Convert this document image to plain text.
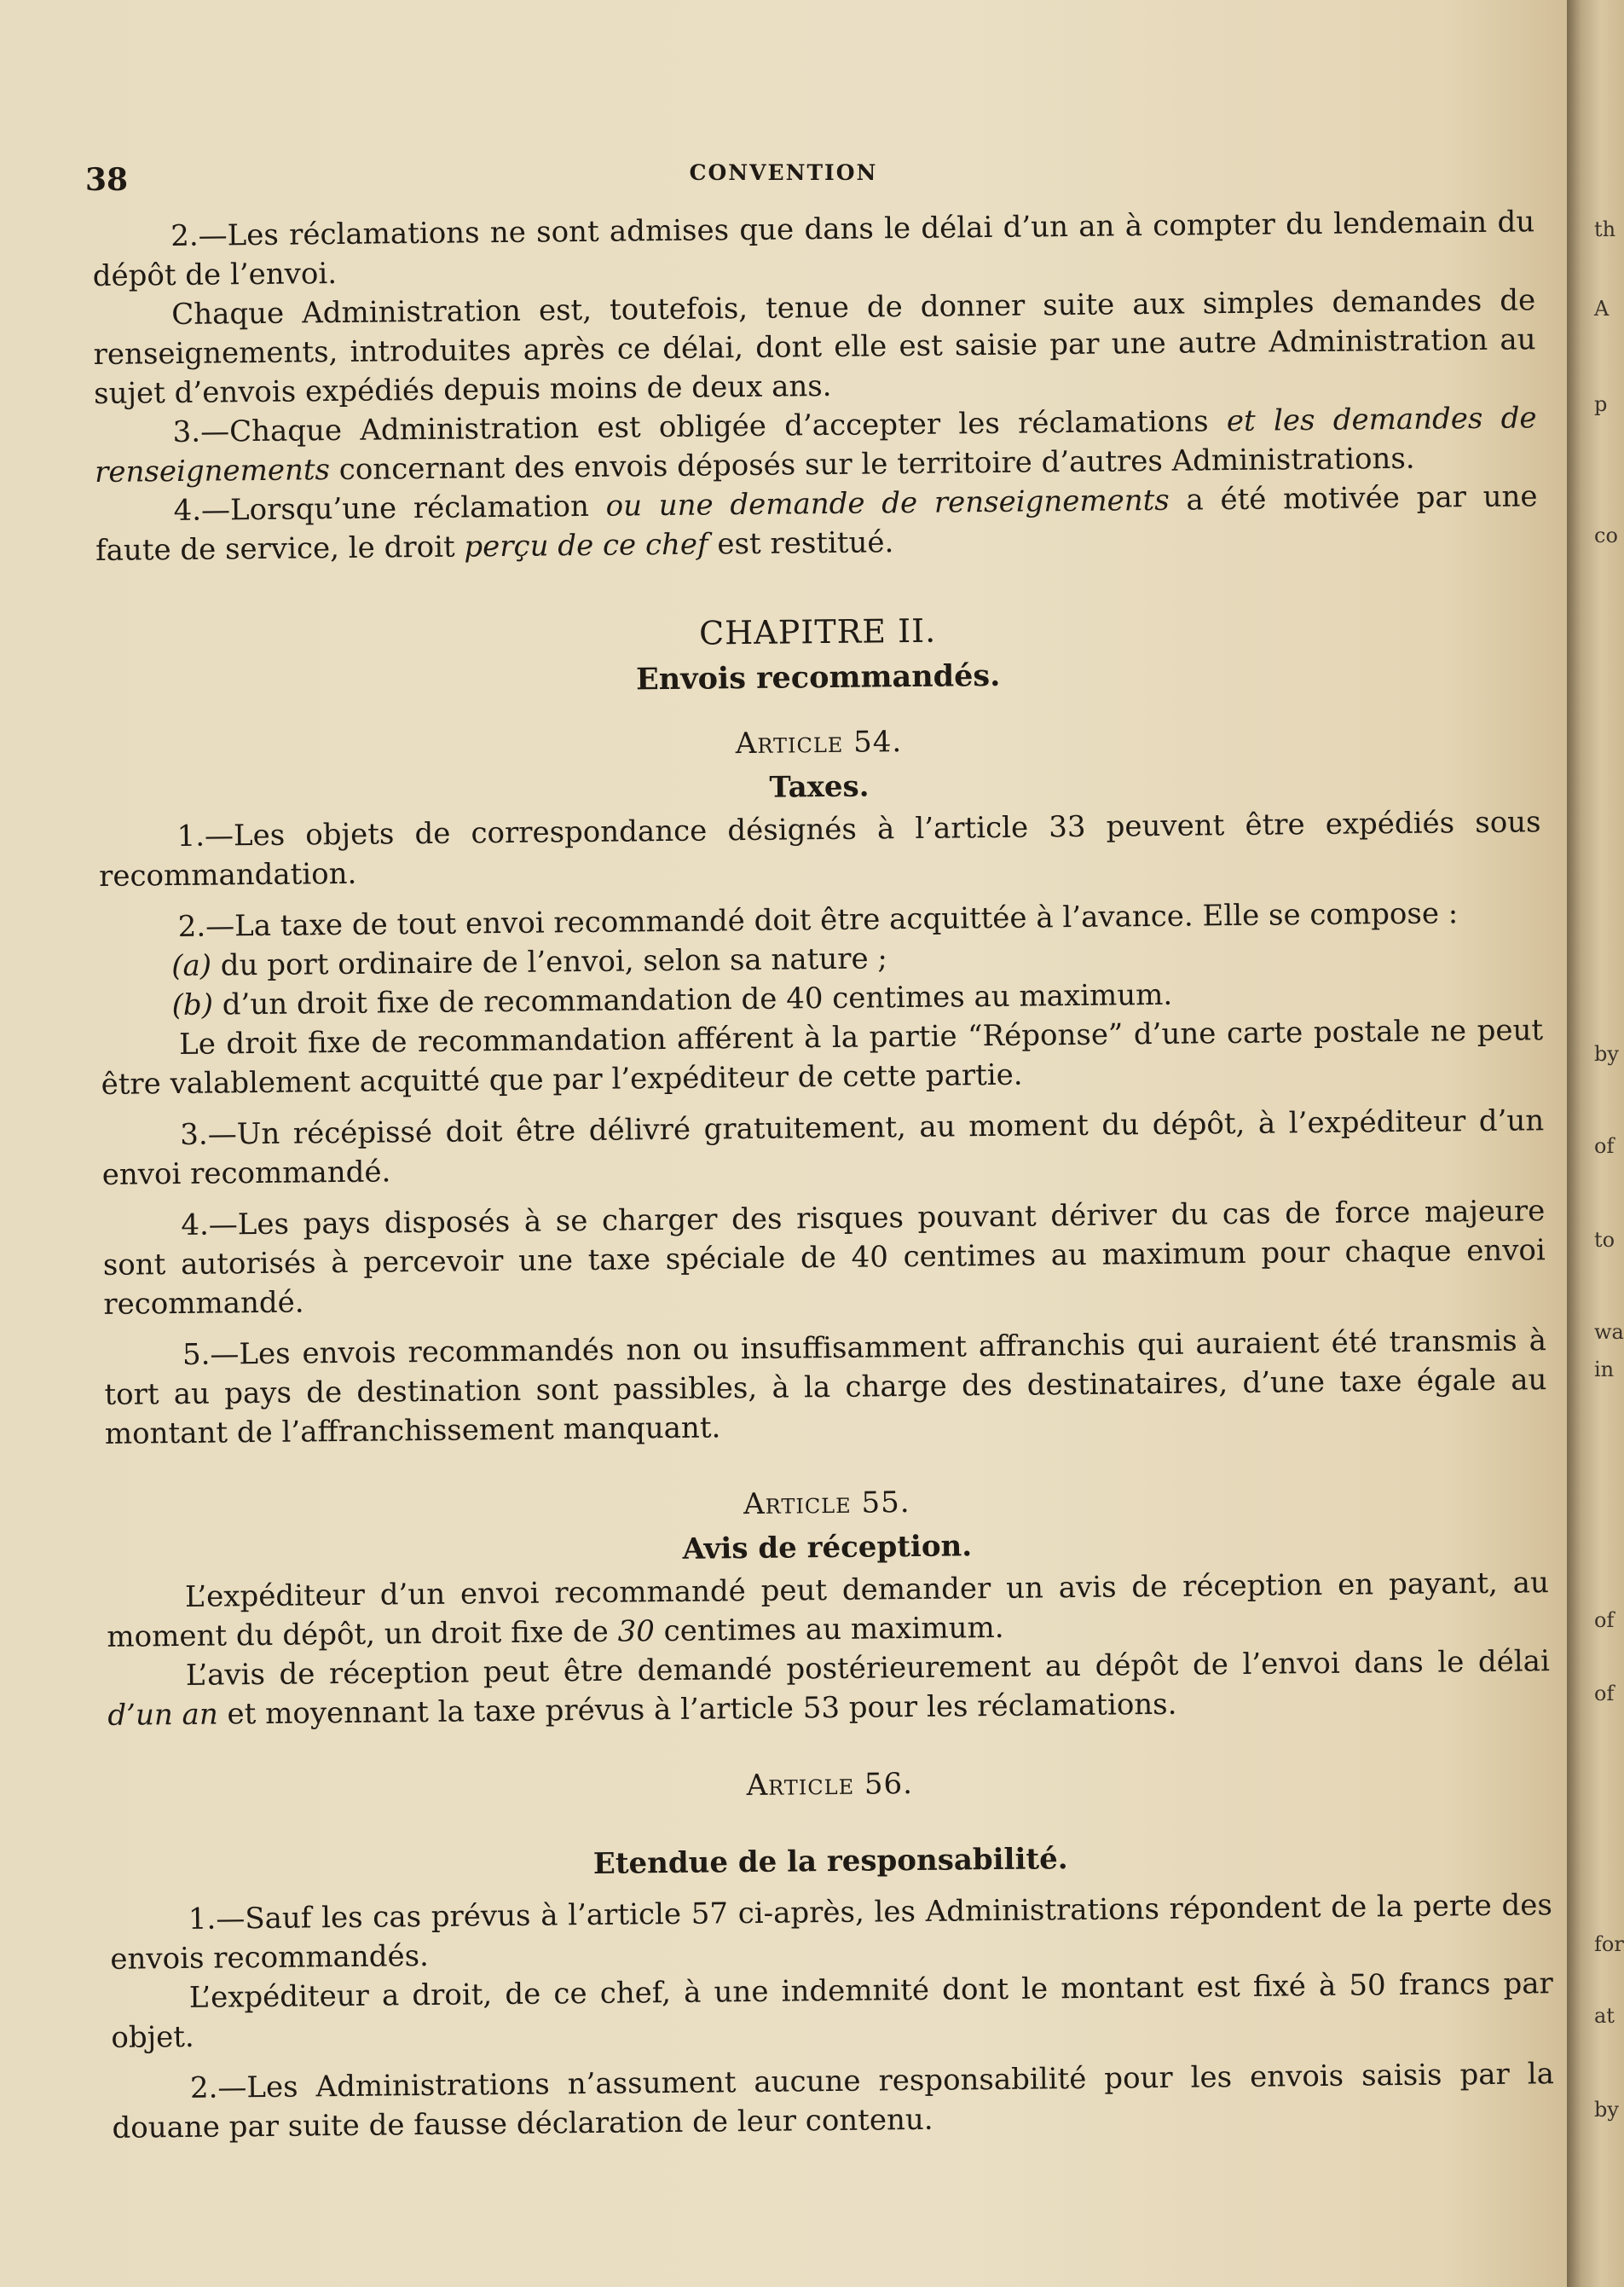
th
A
p
co
by
of
to
wa
in
of
of
for
at
by
38	CONVENTION

2.—Les réclamations ne sont admises que dans le délai d’un an à compter du lendemain du dépôt de l’envoi.

Chaque Administration est, toutefois, tenue de donner suite aux simples demandes de renseignements, introduites après ce délai, dont elle est saisie par une autre Administration au sujet d’envois expédiés depuis moins de deux ans.

3.—Chaque Administration est obligée d’accepter les réclamations et les demandes de renseignements concernant des envois déposés sur le territoire d’autres Administrations.

4.—Lorsqu’une réclamation ou une demande de renseignements a été motivée par une faute de service, le droit perçu de ce chef est restitué.

CHAPITRE II.
Envois recommandés.
Article 54.
Taxes.

1.—Les objets de correspondance désignés à l’article 33 peuvent être expédiés sous recommandation.

2.—La taxe de tout envoi recommandé doit être acquittée à l’avance. Elle se compose :

(a) du port ordinaire de l’envoi, selon sa nature ;

(b) d’un droit fixe de recommandation de 40 centimes au maximum.

Le droit fixe de recommandation afférent à la partie “Réponse” d’une carte postale ne peut être valablement acquitté que par l’expéditeur de cette partie.

3.—Un récépissé doit être délivré gratuitement, au moment du dépôt, à l’expéditeur d’un envoi recommandé.

4.—Les pays disposés à se charger des risques pouvant dériver du cas de force majeure sont autorisés à percevoir une taxe spéciale de 40 centimes au maximum pour chaque envoi recommandé.

5.—Les envois recommandés non ou insuffisamment affranchis qui auraient été transmis à tort au pays de destination sont passibles, à la charge des destinataires, d’une taxe égale au montant de l’affranchissement manquant.

Article 55.
Avis de réception.

L’expéditeur d’un envoi recommandé peut demander un avis de réception en payant, au moment du dépôt, un droit fixe de 30 centimes au maximum.

L’avis de réception peut être demandé postérieurement au dépôt de l’envoi dans le délai d’un an et moyennant la taxe prévus à l’article 53 pour les réclamations.

Article 56.
Etendue de la responsabilité.

1.—Sauf les cas prévus à l’article 57 ci-après, les Administrations répondent de la perte des envois recommandés.

L’expéditeur a droit, de ce chef, à une indemnité dont le montant est fixé à 50 francs par objet.

2.—Les Administrations n’assument aucune responsabilité pour les envois saisis par la douane par suite de fausse déclaration de leur contenu.
